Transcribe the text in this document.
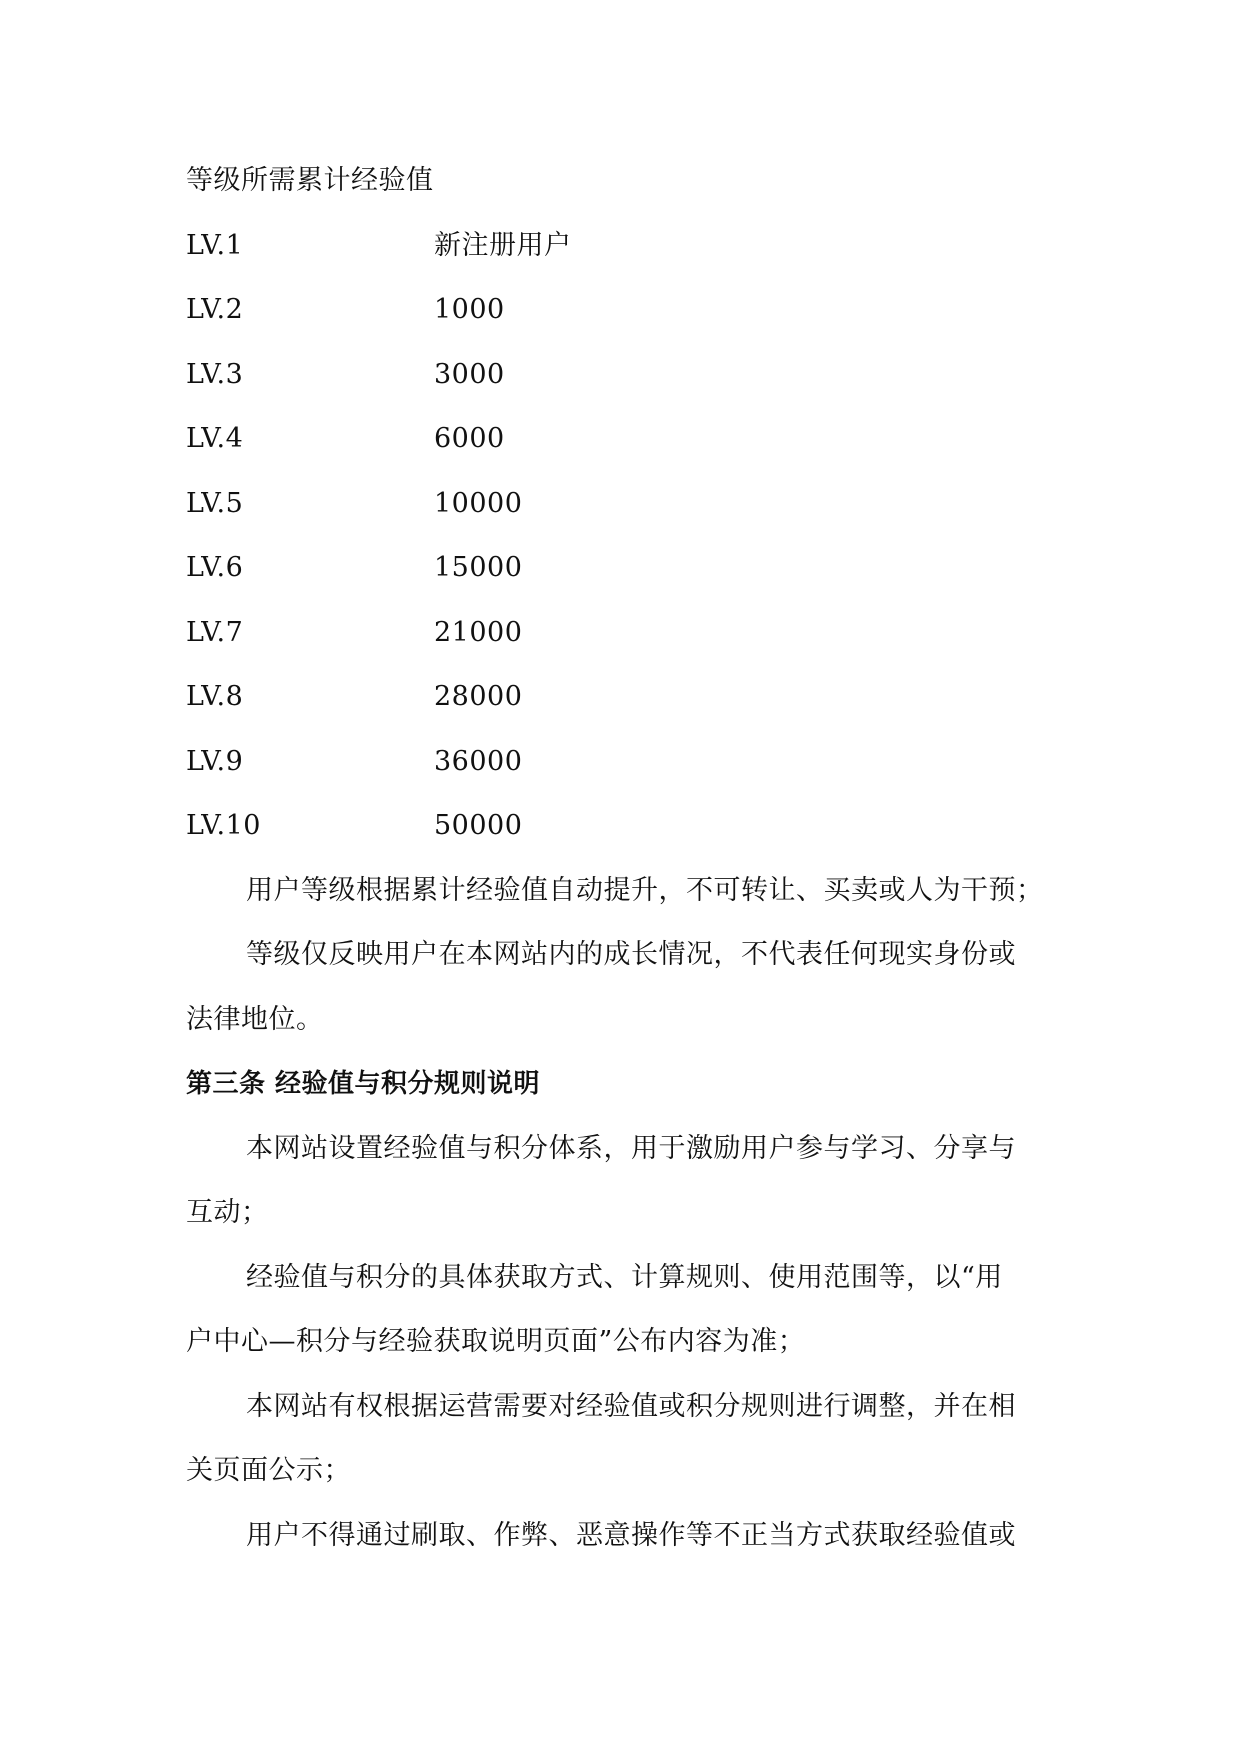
等级所需累计经验值
LV.1	新注册用户
LV.2	1000
LV.3	3000
LV.4	6000
LV.5	10000
LV.6	15000
LV.7	21000
LV.8	28000
LV.9	36000
LV.10	50000
用户等级根据累计经验值自动提升，不可转让、买卖或人为干预；
等级仅反映用户在本网站内的成长情况，不代表任何现实身份或
法律地位。
第三条 经验值与积分规则说明
本网站设置经验值与积分体系，用于激励用户参与学习、分享与
互动；
经验值与积分的具体获取方式、计算规则、使用范围等，以“用
户中心—积分与经验获取说明页面”公布内容为准；
本网站有权根据运营需要对经验值或积分规则进行调整，并在相
关页面公示；
用户不得通过刷取、作弊、恶意操作等不正当方式获取经验值或
